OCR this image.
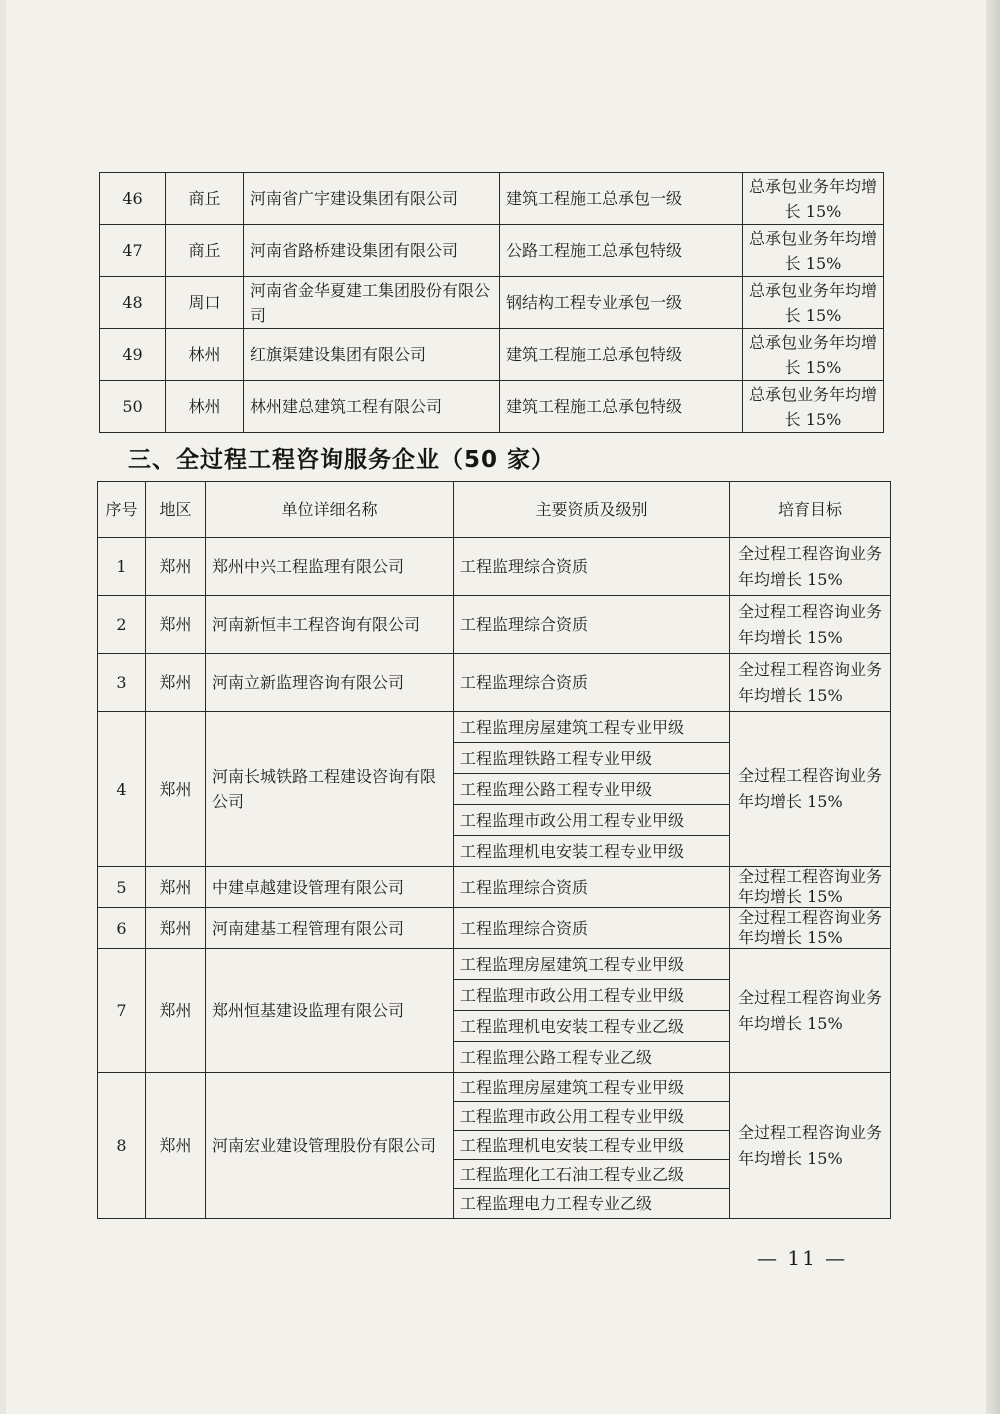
46	商丘	河南省广宇建设集团有限公司	建筑工程施工总承包一级	总承包业务年均增长 15%
47	商丘	河南省路桥建设集团有限公司	公路工程施工总承包特级	总承包业务年均增长 15%
48	周口	河南省金华夏建工集团股份有限公司	钢结构工程专业承包一级	总承包业务年均增长 15%
49	林州	红旗渠建设集团有限公司	建筑工程施工总承包特级	总承包业务年均增长 15%
50	林州	林州建总建筑工程有限公司	建筑工程施工总承包特级	总承包业务年均增长 15%
三、全过程工程咨询服务企业（50 家）
序号	地区	单位详细名称	主要资质及级别	培育目标
1	郑州	郑州中兴工程监理有限公司	工程监理综合资质	全过程工程咨询业务年均增长 15%
2	郑州	河南新恒丰工程咨询有限公司	工程监理综合资质	全过程工程咨询业务年均增长 15%
3	郑州	河南立新监理咨询有限公司	工程监理综合资质	全过程工程咨询业务年均增长 15%
4	郑州	河南长城铁路工程建设咨询有限公司	工程监理房屋建筑工程专业甲级	全过程工程咨询业务年均增长 15%
			工程监理铁路工程专业甲级	
			工程监理公路工程专业甲级	
			工程监理市政公用工程专业甲级	
			工程监理机电安装工程专业甲级	
5	郑州	中建卓越建设管理有限公司	工程监理综合资质	全过程工程咨询业务年均增长 15%
6	郑州	河南建基工程管理有限公司	工程监理综合资质	全过程工程咨询业务年均增长 15%
7	郑州	郑州恒基建设监理有限公司	工程监理房屋建筑工程专业甲级	全过程工程咨询业务年均增长 15%
			工程监理市政公用工程专业甲级	
			工程监理机电安装工程专业乙级	
			工程监理公路工程专业乙级	
8	郑州	河南宏业建设管理股份有限公司	工程监理房屋建筑工程专业甲级	全过程工程咨询业务年均增长 15%
			工程监理市政公用工程专业甲级	
			工程监理机电安装工程专业甲级	
			工程监理化工石油工程专业乙级	
			工程监理电力工程专业乙级	
— 11 —
